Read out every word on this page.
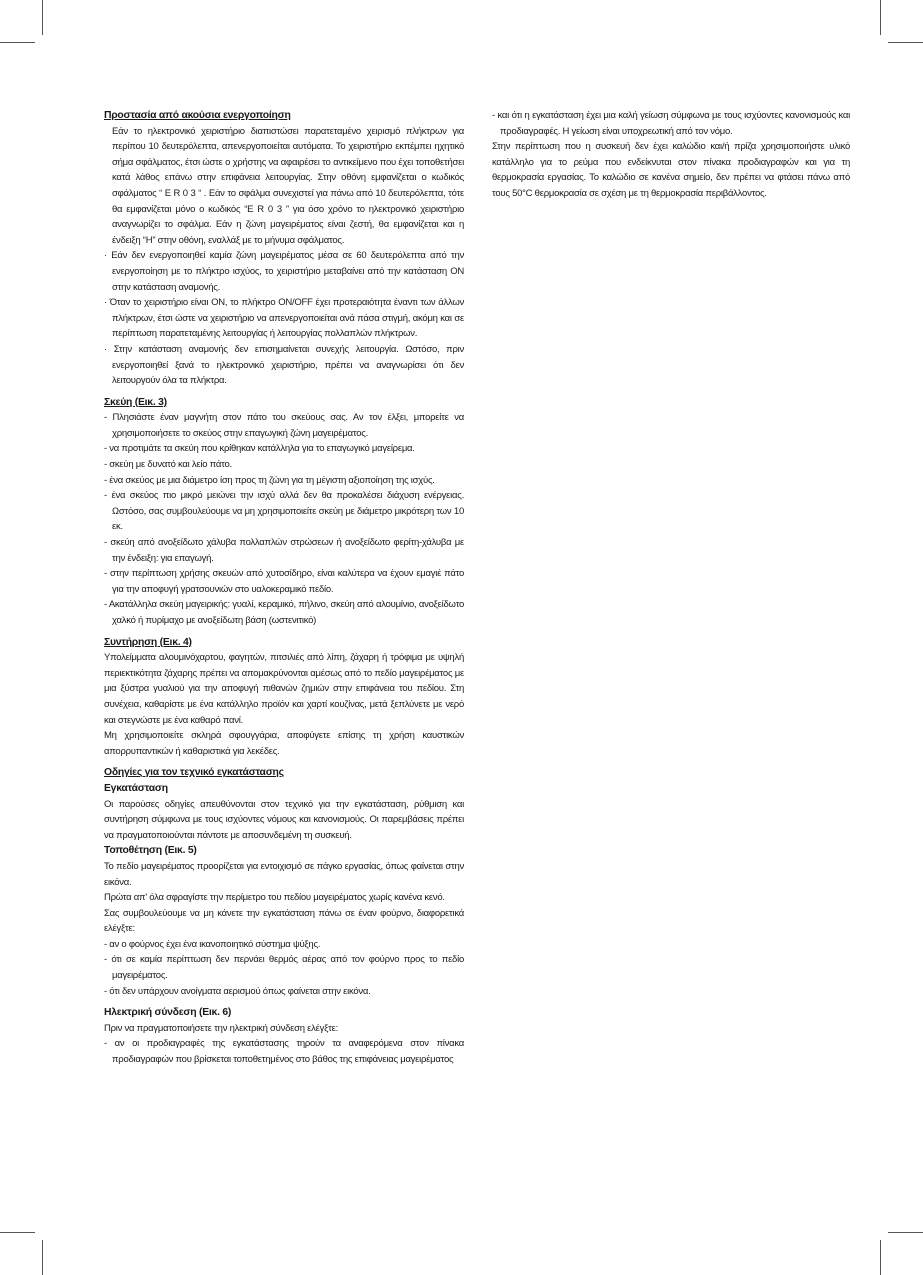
Προστασία από ακούσια ενεργοποίηση

Εάν το ηλεκτρονικό χειριστήριο διαπιστώσει παρατεταμένο χειρισμό πλήκτρων για περίπου 10 δευτερόλεπτα, απενεργοποιείται αυτόματα. Το χειριστήριο εκπέμπει ηχητικό σήμα σφάλματος, έτσι ώστε ο χρήστης να αφαιρέσει το αντικείμενο που έχει τοποθετήσει κατά λάθος επάνω στην επιφάνεια λειτουργίας. Στην οθόνη εμφανίζεται ο κωδικός σφάλματος “ E R 0 3 “ . Εάν το σφάλμα συνεχιστεί για πάνω από 10 δευτερόλεπτα, τότε θα εμφανίζεται μόνο ο κωδικός “E R 0 3 ” για όσο χρόνο το ηλεκτρονικό χειριστήριο αναγνωρίζει το σφάλμα. Εάν η ζώνη μαγειρέματος είναι ζεστή, θα εμφανίζεται και η ένδειξη “H” στην οθόνη, εναλλάξ με το μήνυμα σφάλματος.

· Εάν δεν ενεργοποιηθεί καμία ζώνη μαγειρέματος μέσα σε 60 δευτερόλεπτα από την ενεργοποίηση με το πλήκτρο ισχύος, το χειριστήριο μεταβαίνει από την κατάσταση ON στην κατάσταση αναμονής.

· Όταν το χειριστήριο είναι ON, το πλήκτρο ON/OFF έχει προτεραιότητα έναντι των άλλων πλήκτρων, έτσι ώστε να χειριστήριο να απενεργοποιείται ανά πάσα στιγμή, ακόμη και σε περίπτωση παρατεταμένης λειτουργίας ή λειτουργίας πολλαπλών πλήκτρων.

· Στην κατάσταση αναμονής δεν επισημαίνεται συνεχής λειτουργία. Ωστόσο, πριν ενεργοποιηθεί ξανά το ηλεκτρονικό χειριστήριο, πρέπει να αναγνωρίσει ότι δεν λειτουργούν όλα τα πλήκτρα.

Σκεύη (Εικ. 3)

- Πλησιάστε έναν μαγνήτη στον πάτο του σκεύους σας. Αν τον έλξει, μπορείτε να χρησιμοποιήσετε το σκεύος στην επαγωγική ζώνη μαγειρέματος.

- να προτιμάτε τα σκεύη που κρίθηκαν κατάλληλα για το επαγωγικό μαγείρεμα.

- σκεύη με δυνατό και λείο πάτο.

- ένα σκεύος με μια διάμετρο ίση προς τη ζώνη για τη μέγιστη αξιοποίηση της ισχύς.

- ένα σκεύος πιο μικρό μειώνει την ισχύ αλλά δεν θα προκαλέσει διάχυση ενέργειας. Ωστόσο, σας συμβουλεύουμε να μη χρησιμοποιείτε σκεύη με διάμετρο μικρότερη των 10 εκ.

- σκεύη από ανοξείδωτο χάλυβα πολλαπλών στρώσεων ή ανοξείδωτο φερίτη-χάλυβα με την ένδειξη: για επαγωγή.

- στην περίπτωση χρήσης σκευών από χυτοσίδηρο, είναι καλύτερα να έχουν εμαγιέ πάτο για την αποφυγή γρατσουνιών στο υαλοκεραμικό πεδίο.

- Ακατάλληλα σκεύη μαγειρικής: γυαλί, κεραμικό, πήλινο, σκεύη από αλουμίνιο, ανοξείδωτο χαλκό ή πυρίμαχο με ανοξείδωτη βάση (ωστενιτικό)

Συντήρηση (Εικ. 4)

Υπολείμματα αλουμινόχαρτου, φαγητών, πιτσιλιές από λίπη, ζάχαρη ή τρόφιμα με υψηλή περιεκτικότητα ζάχαρης πρέπει να απομακρύνονται αμέσως από το πεδίο μαγειρέματος με μια ξύστρα γυαλιού για την αποφυγή πιθανών ζημιών στην επιφάνεια του πεδίου. Στη συνέχεια, καθαρίστε με ένα κατάλληλο προϊόν και χαρτί κουζίνας, μετά ξεπλύνετε με νερό και στεγνώστε με ένα καθαρό πανί.

Μη χρησιμοποιείτε σκληρά σφουγγάρια, αποφύγετε επίσης τη χρήση καυστικών απορρυπαντικών ή καθαριστικά για λεκέδες.

Οδηγίες για τον τεχνικό εγκατάστασης

Εγκατάσταση

Οι παρούσες οδηγίες απευθύνονται στον τεχνικό για την εγκατάσταση, ρύθμιση και συντήρηση σύμφωνα με τους ισχύοντες νόμους και κανονισμούς. Οι παρεμβάσεις πρέπει να πραγματοποιούνται πάντοτε με αποσυνδεμένη τη συσκευή.

Τοποθέτηση (Εικ. 5)

Το πεδίο μαγειρέματος προορίζεται για εντοιχισμό σε πάγκο εργασίας, όπως φαίνεται στην εικόνα.

Πρώτα απ' όλα σφραγίστε την περίμετρο του πεδίου μαγειρέματος χωρίς κανένα κενό.

Σας συμβουλεύουμε να μη κάνετε την εγκατάσταση πάνω σε έναν φούρνο, διαφορετικά ελέγξτε:

- αν ο φούρνος έχει ένα ικανοποιητικό σύστημα ψύξης.

- ότι σε καμία περίπτωση δεν περνάει θερμός αέρας από τον φούρνο προς το πεδίο μαγειρέματος.

- ότι δεν υπάρχουν ανοίγματα αερισμού όπως φαίνεται στην εικόνα.

Ηλεκτρική σύνδεση (Εικ. 6)

Πριν να πραγματοποιήσετε την ηλεκτρική σύνδεση ελέγξτε:

- αν οι προδιαγραφές της εγκατάστασης τηρούν τα αναφερόμενα στον πίνακα προδιαγραφών που βρίσκεται τοποθετημένος στο βάθος της επιφάνειας μαγειρέματος

- και ότι η εγκατάσταση έχει μια καλή γείωση σύμφωνα με τους ισχύοντες κανονισμούς και προδιαγραφές. Η γείωση είναι υποχρεωτική από τον νόμο.

Στην περίπτωση που η συσκευή δεν έχει καλώδιο και/ή πρίζα χρησιμοποιήστε υλικό κατάλληλο για το ρεύμα που ενδείκνυται στον πίνακα προδιαγραφών και για τη θερμοκρασία εργασίας. Το καλώδιο σε κανένα σημείο, δεν πρέπει να φτάσει πάνω από τους 50°C θερμοκρασία σε σχέση με τη θερμοκρασία περιβάλλοντος.
